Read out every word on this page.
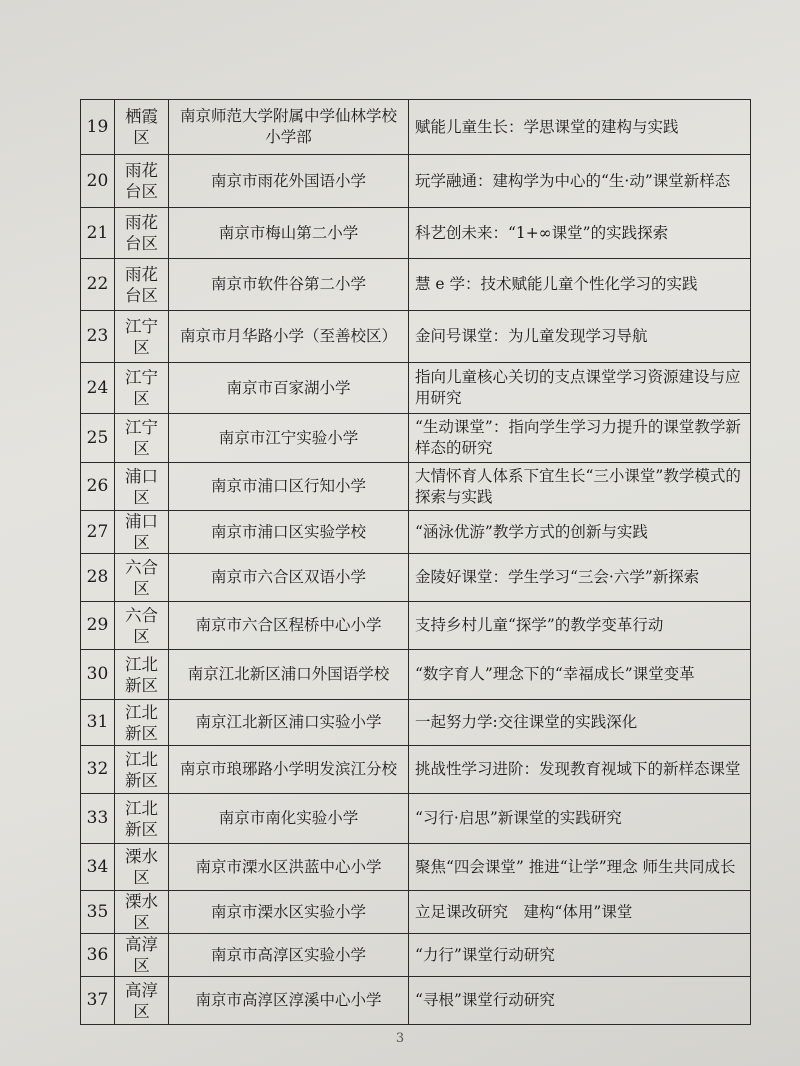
19	栖霞区	南京师范大学附属中学仙林学校小学部	赋能儿童生长：学思课堂的建构与实践
20	雨花台区	南京市雨花外国语小学	玩学融通：建构学为中心的“生·动”课堂新样态
21	雨花台区	南京市梅山第二小学	科艺创未来：“1+∞课堂”的实践探索
22	雨花台区	南京市软件谷第二小学	慧 e 学：技术赋能儿童个性化学习的实践
23	江宁区	南京市月华路小学（至善校区）	金问号课堂：为儿童发现学习导航
24	江宁区	南京市百家湖小学	指向儿童核心关切的支点课堂学习资源建设与应用研究
25	江宁区	南京市江宁实验小学	“生动课堂”：指向学生学习力提升的课堂教学新样态的研究
26	浦口区	南京市浦口区行知小学	大情怀育人体系下宜生长“三小课堂”教学模式的探索与实践
27	浦口区	南京市浦口区实验学校	“涵泳优游”教学方式的创新与实践
28	六合区	南京市六合区双语小学	金陵好课堂：学生学习“三会·六学”新探索
29	六合区	南京市六合区程桥中心小学	支持乡村儿童“探学”的教学变革行动
30	江北新区	南京江北新区浦口外国语学校	“数字育人”理念下的“幸福成长”课堂变革
31	江北新区	南京江北新区浦口实验小学	一起努力学:交往课堂的实践深化
32	江北新区	南京市琅琊路小学明发滨江分校	挑战性学习进阶：发现教育视域下的新样态课堂
33	江北新区	南京市南化实验小学	“习行·启思”新课堂的实践研究
34	溧水区	南京市溧水区洪蓝中心小学	聚焦“四会课堂” 推进“让学”理念 师生共同成长
35	溧水区	南京市溧水区实验小学	立足课改研究　建构“体用”课堂
36	高淳区	南京市高淳区实验小学	“力行”课堂行动研究
37	高淳区	南京市高淳区淳溪中心小学	“寻根”课堂行动研究
3
